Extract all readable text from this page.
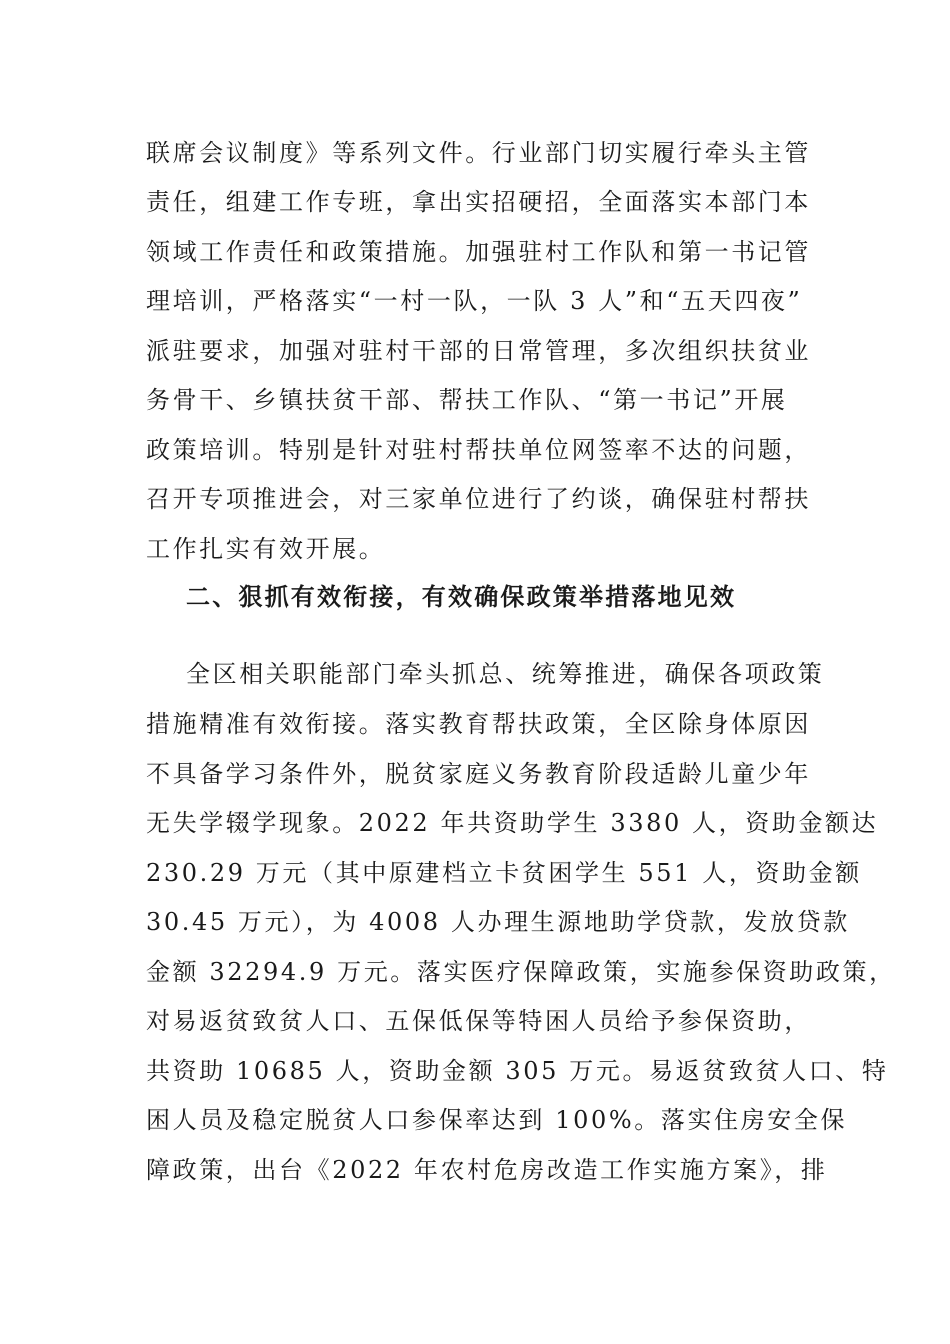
联席会议制度》等系列文件。行业部门切实履行牵头主管
责任，组建工作专班，拿出实招硬招，全面落实本部门本
领域工作责任和政策措施。加强驻村工作队和第一书记管
理培训，严格落实“一村一队，一队 3 人”和“五天四夜”
派驻要求，加强对驻村干部的日常管理，多次组织扶贫业
务骨干、乡镇扶贫干部、帮扶工作队、“第一书记”开展
政策培训。特别是针对驻村帮扶单位网签率不达的问题，
召开专项推进会，对三家单位进行了约谈，确保驻村帮扶
工作扎实有效开展。
二、狠抓有效衔接，有效确保政策举措落地见效
全区相关职能部门牵头抓总、统筹推进，确保各项政策
措施精准有效衔接。落实教育帮扶政策，全区除身体原因
不具备学习条件外，脱贫家庭义务教育阶段适龄儿童少年
无失学辍学现象。2022 年共资助学生 3380 人，资助金额达
230.29 万元（其中原建档立卡贫困学生 551 人，资助金额
30.45 万元），为 4008 人办理生源地助学贷款，发放贷款
金额 32294.9 万元。落实医疗保障政策，实施参保资助政策，
对易返贫致贫人口、五保低保等特困人员给予参保资助，
共资助 10685 人，资助金额 305 万元。易返贫致贫人口、特
困人员及稳定脱贫人口参保率达到 100%。落实住房安全保
障政策，出台《2022 年农村危房改造工作实施方案》，排
